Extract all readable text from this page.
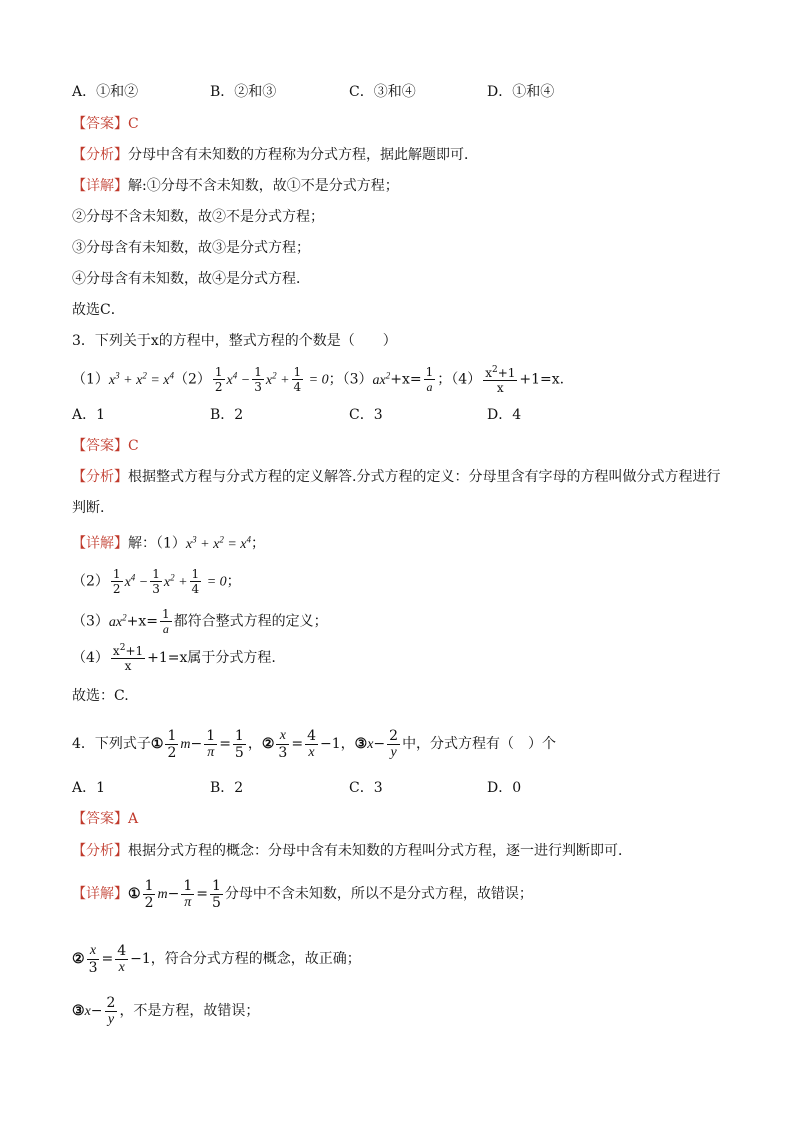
A．①和②	B．②和③	C．③和④	D．①和④
【答案】C
【分析】分母中含有未知数的方程称为分式方程，据此解题即可．
【详解】解:①分母不含未知数，故①不是分式方程；
②分母不含未知数，故②不是分式方程；
③分母含有未知数，故③是分式方程；
④分母含有未知数，故④是分式方程．
故选C．
3．下列关于x的方程中，整式方程的个数是（　　）
$(1)x^3 + x^2 = x^4(2) \frac{1}{2} x^4 - \frac{1}{3} x^2 + \frac{1}{4} = 0$；$(3)ax^2+x= \frac{1}{a}$ ；$(4) \frac{x^2+1}{x} +1=x$.
A．1	B．2	C．3	D．4
【答案】C
【分析】根据整式方程与分式方程的定义解答.分式方程的定义：分母里含有字母的方程叫做分式方程进行
判断.
【详解】解：$(1)x^3 + x^2 = x^4$；
$(2) \frac{1}{2} x^4 - \frac{1}{3} x^2 + \frac{1}{4} = 0$；
$(3)ax^2+x= \frac{1}{a}$ 都符合整式方程的定义；
$(4) \frac{x^2+1}{x} +1=x$属于分式方程.
故选：C.
4．下列式子① $\frac{1}{2} m- \frac{1}{\pi} = \frac{1}{5}$ ，② $\frac{x}{3} = \frac{4}{x} -1$，③x− $\frac{2}{y}$ 中，分式方程有（　）个
A．1	B．2	C．3	D．0
【答案】A
【分析】根据分式方程的概念：分母中含有未知数的方程叫分式方程，逐一进行判断即可．
【详解】① $\frac{1}{2} m- \frac{1}{\pi} = \frac{1}{5}$ 分母中不含未知数，所以不是分式方程，故错误；
② $\frac{x}{3} = \frac{4}{x} -1$，符合分式方程的概念，故正确；
③x− $\frac{2}{y}$ ，不是方程，故错误；
